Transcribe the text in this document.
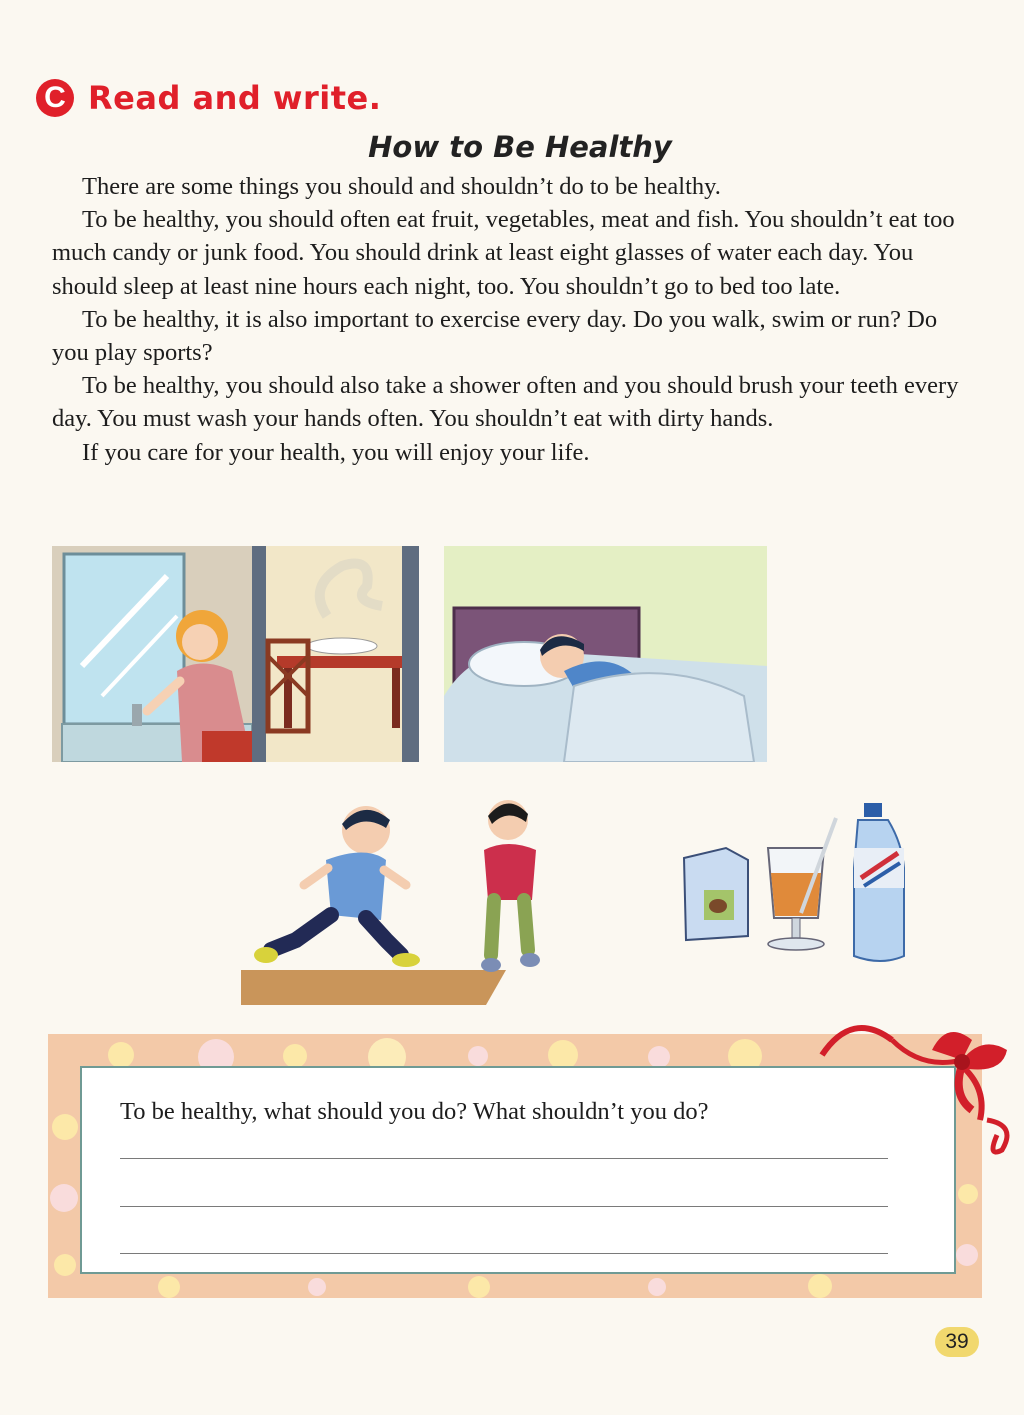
C Read and write.
How to Be Healthy

There are some things you should and shouldn’t do to be healthy.

To be healthy, you should often eat fruit, vegetables, meat and fish. You shouldn’t eat too much candy or junk food. You should drink at least eight glasses of water each day. You should sleep at least nine hours each night, too. You shouldn’t go to bed too late.

To be healthy, it is also important to exercise every day. Do you walk, swim or run? Do you play sports?

To be healthy, you should also take a shower often and you should brush your teeth every day. You must wash your hands often. You shouldn’t eat with dirty hands.

If you care for your health, you will enjoy your life.

To be healthy, what should you do? What shouldn’t you do?
39
